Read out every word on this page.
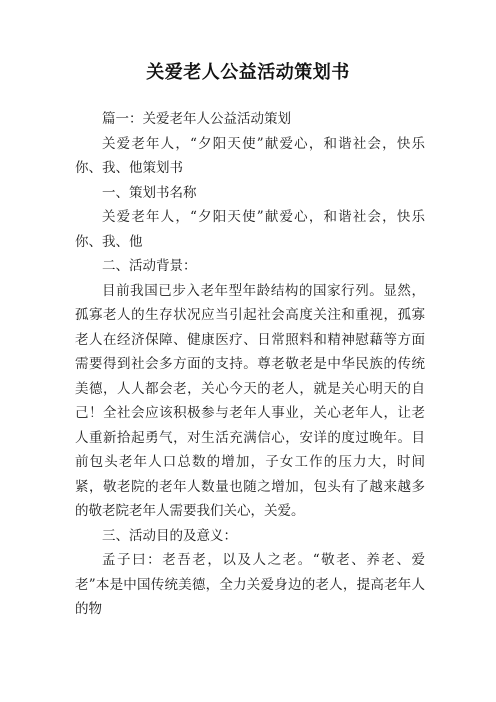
关爱老人公益活动策划书

篇一：关爱老年人公益活动策划

关爱老年人，“夕阳天使”献爱心，和谐社会，快乐你、我、他策划书

一、策划书名称

关爱老年人，“夕阳天使”献爱心，和谐社会，快乐你、我、他

二、活动背景：

目前我国已步入老年型年龄结构的国家行列。显然，孤寡老人的生存状况应当引起社会高度关注和重视，孤寡老人在经济保障、健康医疗、日常照料和精神慰藉等方面需要得到社会多方面的支持。尊老敬老是中华民族的传统美德，人人都会老，关心今天的老人，就是关心明天的自己！全社会应该积极参与老年人事业，关心老年人，让老人重新拾起勇气，对生活充满信心，安详的度过晚年。目前包头老年人口总数的增加，子女工作的压力大，时间紧，敬老院的老年人数量也随之增加，包头有了越来越多的敬老院老年人需要我们关心，关爱。

三、活动目的及意义：

孟子曰：老吾老，以及人之老。“敬老、养老、爱老”本是中国传统美德，全力关爱身边的老人，提高老年人的物
